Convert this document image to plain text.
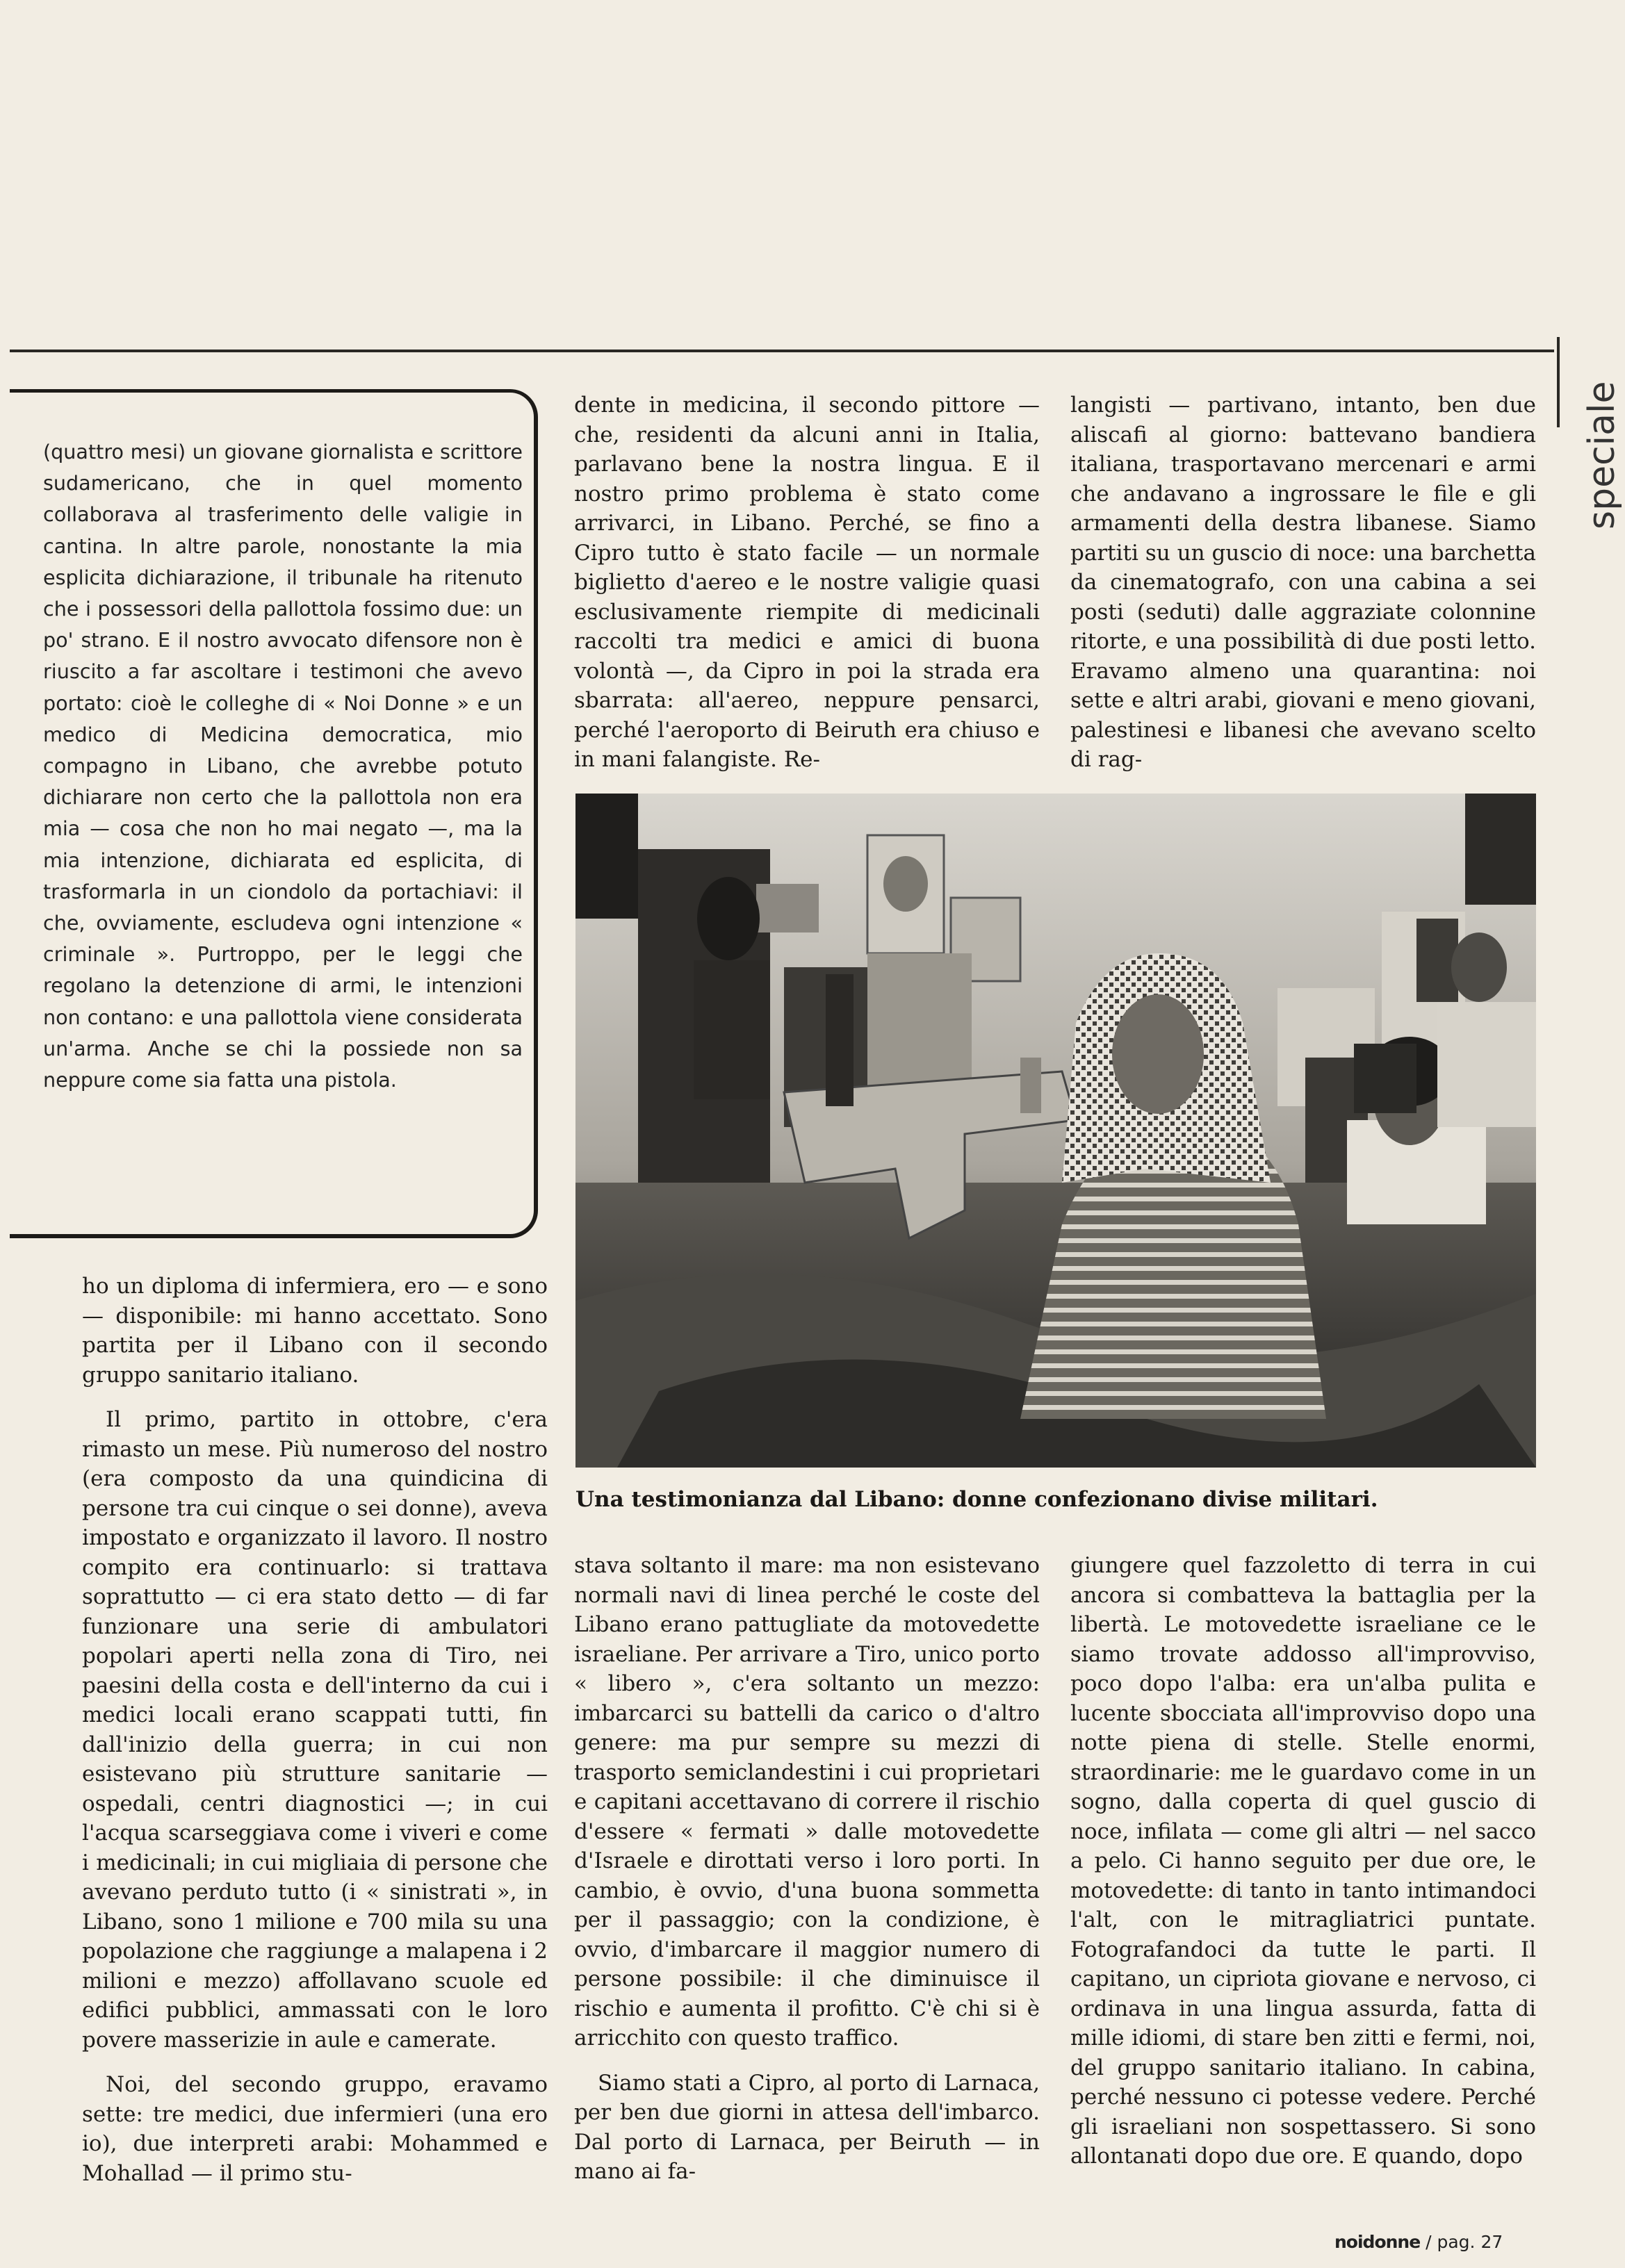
speciale
(quattro mesi) un giovane giornalista e scrittore sudamericano, che in quel momento collaborava al trasferimento delle valigie in cantina. In altre parole, nonostante la mia esplicita dichiarazione, il tribunale ha ritenuto che i possessori della pallottola fossimo due: un po' strano. E il nostro avvocato difensore non è riuscito a far ascoltare i testimoni che avevo portato: cioè le colleghe di « Noi Donne » e un medico di Medicina democratica, mio compagno in Libano, che avrebbe potuto dichiarare non certo che la pallottola non era mia — cosa che non ho mai negato —, ma la mia intenzione, dichiarata ed esplicita, di trasformarla in un ciondolo da portachiavi: il che, ovviamente, escludeva ogni intenzione « criminale ». Purtroppo, per le leggi che regolano la detenzione di armi, le intenzioni non contano: e una pallottola viene considerata un'arma. Anche se chi la possiede non sa neppure come sia fatta una pistola.

dente in medicina, il secondo pittore — che, residenti da alcuni anni in Italia, parlavano bene la nostra lingua. E il nostro primo problema è stato come arrivarci, in Libano. Perché, se fino a Cipro tutto è stato facile — un normale biglietto d'aereo e le nostre valigie quasi esclusivamente riempite di medicinali raccolti tra medici e amici di buona volontà —, da Cipro in poi la strada era sbarrata: all'aereo, neppure pensarci, perché l'aeroporto di Beiruth era chiuso e in mani falangiste. Re-

langisti — partivano, intanto, ben due aliscafi al giorno: battevano bandiera italiana, trasportavano mercenari e armi che andavano a ingrossare le file e gli armamenti della destra libanese. Siamo partiti su un guscio di noce: una barchetta da cinematografo, con una cabina a sei posti (seduti) dalle aggraziate colonnine ritorte, e una possibilità di due posti letto. Eravamo almeno una quarantina: noi sette e altri arabi, giovani e meno giovani, palestinesi e libanesi che avevano scelto di rag-

Una testimonianza dal Libano: donne confezionano divise militari.

ho un diploma di infermiera, ero — e sono — disponibile: mi hanno accettato. Sono partita per il Libano con il secondo gruppo sanitario italiano.

Il primo, partito in ottobre, c'era rimasto un mese. Più numeroso del nostro (era composto da una quindicina di persone tra cui cinque o sei donne), aveva impostato e organizzato il lavoro. Il nostro compito era continuarlo: si trattava soprattutto — ci era stato detto — di far funzionare una serie di ambulatori popolari aperti nella zona di Tiro, nei paesini della costa e dell'interno da cui i medici locali erano scappati tutti, fin dall'inizio della guerra; in cui non esistevano più strutture sanitarie — ospedali, centri diagnostici —; in cui l'acqua scarseggiava come i viveri e come i medicinali; in cui migliaia di persone che avevano perduto tutto (i « sinistrati », in Libano, sono 1 milione e 700 mila su una popolazione che raggiunge a malapena i 2 milioni e mezzo) affollavano scuole ed edifici pubblici, ammassati con le loro povere masserizie in aule e camerate.

Noi, del secondo gruppo, eravamo sette: tre medici, due infermieri (una ero io), due interpreti arabi: Mohammed e Mohallad — il primo stu-

stava soltanto il mare: ma non esistevano normali navi di linea perché le coste del Libano erano pattugliate da motovedette israeliane. Per arrivare a Tiro, unico porto « libero », c'era soltanto un mezzo: imbarcarci su battelli da carico o d'altro genere: ma pur sempre su mezzi di trasporto semiclandestini i cui proprietari e capitani accettavano di correre il rischio d'essere « fermati » dalle motovedette d'Israele e dirottati verso i loro porti. In cambio, è ovvio, d'una buona sommetta per il passaggio; con la condizione, è ovvio, d'imbarcare il maggior numero di persone possibile: il che diminuisce il rischio e aumenta il profitto. C'è chi si è arricchito con questo traffico.

Siamo stati a Cipro, al porto di Larnaca, per ben due giorni in attesa dell'imbarco. Dal porto di Larnaca, per Beiruth — in mano ai fa-

giungere quel fazzoletto di terra in cui ancora si combatteva la battaglia per la libertà. Le motovedette israeliane ce le siamo trovate addosso all'improvviso, poco dopo l'alba: era un'alba pulita e lucente sbocciata all'improvviso dopo una notte piena di stelle. Stelle enormi, straordinarie: me le guardavo come in un sogno, dalla coperta di quel guscio di noce, infilata — come gli altri — nel sacco a pelo. Ci hanno seguito per due ore, le motovedette: di tanto in tanto intimandoci l'alt, con le mitragliatrici puntate. Fotografandoci da tutte le parti. Il capitano, un cipriota giovane e nervoso, ci ordinava in una lingua assurda, fatta di mille idiomi, di stare ben zitti e fermi, noi, del gruppo sanitario italiano. In cabina, perché nessuno ci potesse vedere. Perché gli israeliani non sospettassero. Si sono allontanati dopo due ore. E quando, dopo

noidonne / pag. 27
